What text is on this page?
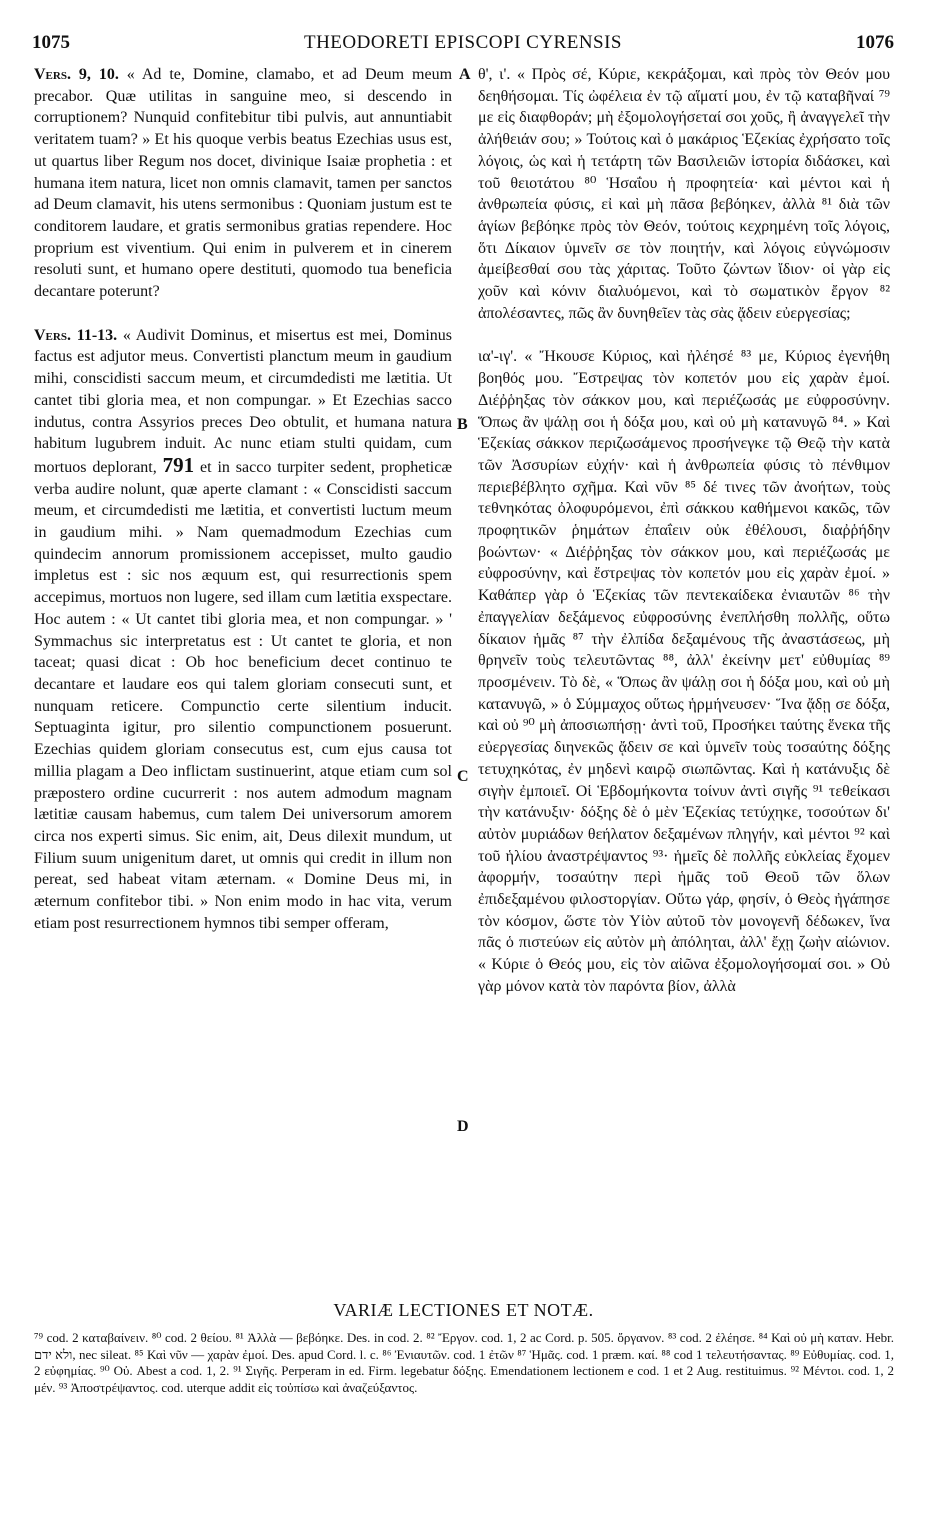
1075	THEODORETI EPISCOPI CYRENSIS	1076

Vers. 9, 10. « Ad te, Domine, clamabo, et ad Deum meum precabor. Quæ utilitas in sanguine meo, si descendo in corruptionem? Nunquid confitebitur tibi pulvis, aut annuntiabit veritatem tuam? » Et his quoque verbis beatus Ezechias usus est, ut quartus liber Regum nos docet, divinique Isaiæ prophetia : et humana item natura, licet non omnis clamavit, tamen per sanctos ad Deum clamavit, his utens sermonibus : Quoniam justum est te conditorem laudare, et gratis sermonibus gratias rependere. Hoc proprium est viventium. Qui enim in pulverem et in cinerem resoluti sunt, et humano opere destituti, quomodo tua beneficia decantare poterunt?

Vers. 11-13. « Audivit Dominus, et misertus est mei, Dominus factus est adjutor meus. Convertisti planctum meum in gaudium mihi, conscidisti saccum meum, et circumdedisti me lætitia. Ut cantet tibi gloria mea, et non compungar. » Et Ezechias sacco indutus, contra Assyrios preces Deo obtulit, et humana natura habitum lugubrem induit. Ac nunc etiam stulti quidam, cum mortuos deplorant, 791 et in sacco turpiter sedent, propheticæ verba audire nolunt, quæ aperte clamant : « Conscidisti saccum meum, et circumdedisti me lætitia, et convertisti luctum meum in gaudium mihi. » Nam quemadmodum Ezechias cum quindecim annorum promissionem accepisset, multo gaudio impletus est : sic nos æquum est, qui resurrectionis spem accepimus, mortuos non lugere, sed illam cum lætitia exspectare. Hoc autem : « Ut cantet tibi gloria mea, et non compungar. » ' Symmachus sic interpretatus est : Ut cantet te gloria, et non taceat; quasi dicat : Ob hoc beneficium decet continuo te decantare et laudare eos qui talem gloriam consecuti sunt, et nunquam reticere. Compunctio certe silentium inducit. Septuaginta igitur, pro silentio compunctionem posuerunt. Ezechias quidem gloriam consecutus est, cum ejus causa tot millia plagam a Deo inflictam sustinuerint, atque etiam cum sol præpostero ordine cucurrerit : nos autem admodum magnam lætitiæ causam habemus, cum talem Dei universorum amorem circa nos experti simus. Sic enim, ait, Deus dilexit mundum, ut Filium suum unigenitum daret, ut omnis qui credit in illum non pereat, sed habeat vitam æternam. « Domine Deus mi, in æternum confitebor tibi. » Non enim modo in hac vita, verum etiam post resurrectionem hymnos tibi semper offeram,

A
B
C
D

θ', ι'. « Πρὸς σέ, Κύριε, κεκράξομαι, καὶ πρὸς τὸν Θεόν μου δεηθήσομαι. Τίς ὠφέλεια ἐν τῷ αἵματί μου, ἐν τῷ καταβῆναί ⁷⁹ με εἰς διαφθοράν; μὴ ἐξομολογήσεταί σοι χοῦς, ἢ ἀναγγελεῖ τὴν ἀλήθειάν σου; » Τούτοις καὶ ὁ μακάριος Ἑζεκίας ἐχρήσατο τοῖς λόγοις, ὡς καὶ ἡ τετάρτη τῶν Βασιλειῶν ἱστορία διδάσκει, καὶ τοῦ θειοτάτου ⁸⁰ Ἡσαΐου ἡ προφητεία· καὶ μέντοι καὶ ἡ ἀνθρωπεία φύσις, εἰ καὶ μὴ πᾶσα βεβόηκεν, ἀλλὰ ⁸¹ διὰ τῶν ἁγίων βεβόηκε πρὸς τὸν Θεόν, τούτοις κεχρημένη τοῖς λόγοις, ὅτι Δίκαιον ὑμνεῖν σε τὸν ποιητήν, καὶ λόγοις εὐγνώμοσιν ἀμείβεσθαί σου τὰς χάριτας. Τοῦτο ζώντων ἴδιον· οἱ γὰρ εἰς χοῦν καὶ κόνιν διαλυόμενοι, καὶ τὸ σωματικὸν ἔργον ⁸² ἀπολέσαντες, πῶς ἂν δυνηθεῖεν τὰς σὰς ᾄδειν εὐεργεσίας;

ια'-ιγ'. « Ἤκουσε Κύριος, καὶ ἠλέησέ ⁸³ με, Κύριος ἐγενήθη βοηθός μου. Ἔστρεψας τὸν κοπετόν μου εἰς χαρὰν ἐμοί. Διέῤῥηξας τὸν σάκκον μου, καὶ περιέζωσάς με εὐφροσύνην. Ὅπως ἂν ψάλῃ σοι ἡ δόξα μου, καὶ οὐ μὴ κατανυγῶ ⁸⁴. » Καὶ Ἑζεκίας σάκκον περιζωσάμενος προσήνεγκε τῷ Θεῷ τὴν κατὰ τῶν Ἀσσυρίων εὐχήν· καὶ ἡ ἀνθρωπεία φύσις τὸ πένθιμον περιεβέβλητο σχῆμα. Καὶ νῦν ⁸⁵ δέ τινες τῶν ἀνοήτων, τοὺς τεθνηκότας ὀλοφυρόμενοι, ἐπὶ σάκκου καθήμενοι κακῶς, τῶν προφητικῶν ῥημάτων ἐπαΐειν οὐκ ἐθέλουσι, διαῤῥήδην βοώντων· « Διέῤῥηξας τὸν σάκκον μου, καὶ περιέζωσάς με εὐφροσύνην, καὶ ἔστρεψας τὸν κοπετόν μου εἰς χαρὰν ἐμοί. » Καθάπερ γὰρ ὁ Ἑζεκίας τῶν πεντεκαίδεκα ἐνιαυτῶν ⁸⁶ τὴν ἐπαγγελίαν δεξάμενος εὐφροσύνης ἐνεπλήσθη πολλῆς, οὕτω δίκαιον ἡμᾶς ⁸⁷ τὴν ἐλπίδα δεξαμένους τῆς ἀναστάσεως, μὴ θρηνεῖν τοὺς τελευτῶντας ⁸⁸, ἀλλ' ἐκείνην μετ' εὐθυμίας ⁸⁹ προσμένειν. Τὸ δὲ, « Ὅπως ἂν ψάλῃ σοι ἡ δόξα μου, καὶ οὐ μὴ κατανυγῶ, » ὁ Σύμμαχος οὕτως ἡρμήνευσεν· Ἵνα ᾄδῃ σε δόξα, καὶ οὐ ⁹⁰ μὴ ἀποσιωπήσῃ· ἀντὶ τοῦ, Προσήκει ταύτης ἕνεκα τῆς εὐεργεσίας διηνεκῶς ᾄδειν σε καὶ ὑμνεῖν τοὺς τοσαύτης δόξης τετυχηκότας, ἐν μηδενὶ καιρῷ σιωπῶντας. Καὶ ἡ κατάνυξις δὲ σιγὴν ἐμποιεῖ. Οἱ Ἑβδομήκοντα τοίνυν ἀντὶ σιγῆς ⁹¹ τεθείκασι τὴν κατάνυξιν· δόξης δὲ ὁ μὲν Ἑζεκίας τετύχηκε, τοσούτων δι' αὐτὸν μυριάδων θεήλατον δεξαμένων πληγήν, καὶ μέντοι ⁹² καὶ τοῦ ἡλίου ἀναστρέψαντος ⁹³· ἡμεῖς δὲ πολλῆς εὐκλείας ἔχομεν ἀφορμήν, τοσαύτην περὶ ἡμᾶς τοῦ Θεοῦ τῶν ὅλων ἐπιδεξαμένου φιλοστοργίαν. Οὕτω γάρ, φησίν, ὁ Θεὸς ἠγάπησε τὸν κόσμον, ὥστε τὸν Υἱὸν αὐτοῦ τὸν μονογενῆ δέδωκεν, ἵνα πᾶς ὁ πιστεύων εἰς αὐτὸν μὴ ἀπόληται, ἀλλ' ἔχῃ ζωὴν αἰώνιον. « Κύριε ὁ Θεός μου, εἰς τὸν αἰῶνα ἐξομολογήσομαί σοι. » Οὐ γὰρ μόνον κατὰ τὸν παρόντα βίον, ἀλλὰ

VARIÆ LECTIONES ET NOTÆ.

⁷⁹ cod. 2 καταβαίνειν. ⁸⁰ cod. 2 θείου. ⁸¹ Ἀλλὰ — βεβόηκε. Des. in cod. 2. ⁸² Ἔργον. cod. 1, 2 ac Cord. p. 505. ὄργανον. ⁸³ cod. 2 ἐλέησε. ⁸⁴ Καὶ οὐ μὴ καταν. Hebr. ולא ידם, nec sileat. ⁸⁵ Καὶ νῦν — χαρὰν ἐμοί. Des. apud Cord. l. c. ⁸⁶ Ἐνιαυτῶν. cod. 1 ἐτῶν ⁸⁷ Ἡμᾶς. cod. 1 præm. καί. ⁸⁸ cod 1 τελευτήσαντας. ⁸⁹ Εὐθυμίας. cod. 1, 2 εὐφημίας. ⁹⁰ Οὐ. Abest a cod. 1, 2. ⁹¹ Σιγῆς. Perperam in ed. Firm. legebatur δόξης. Emendationem lectionem e cod. 1 et 2 Aug. restituimus. ⁹² Μέντοι. cod. 1, 2 μέν. ⁹³ Ἀποστρέψαντος. cod. uterque addit εἰς τοὐπίσω καὶ ἀναζεύξαντος.
